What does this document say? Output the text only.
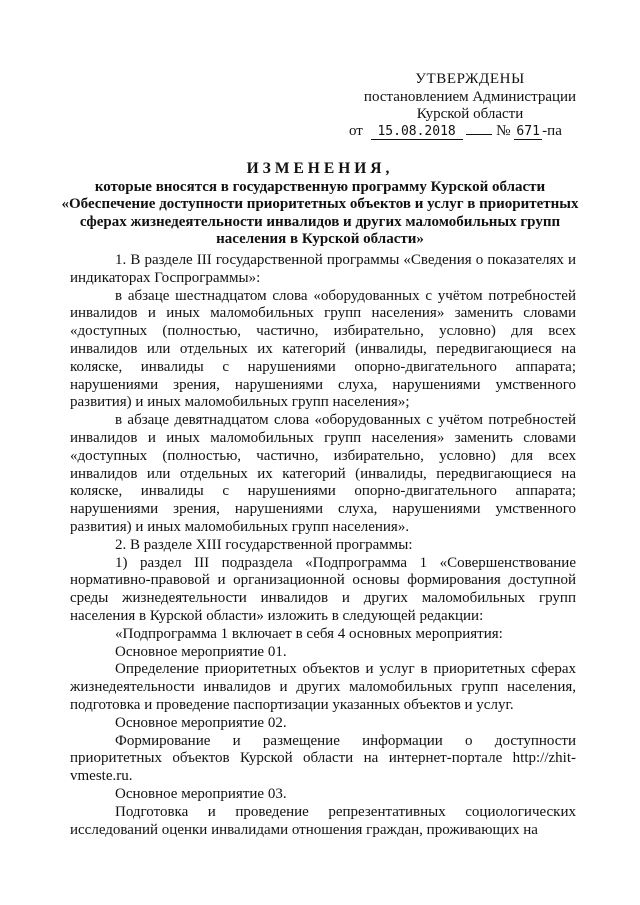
УТВЕРЖДЕНЫ
постановлением Администрации
Курской области
от 15.08.2018	№ 671 -па
ИЗМЕНЕНИЯ,
которые вносятся в государственную программу Курской области «Обеспечение доступности приоритетных объектов и услуг в приоритетных сферах жизнедеятельности инвалидов и других маломобильных групп населения в Курской области»

1. В разделе III государственной программы «Сведения о показателях и индикаторах Госпрограммы»:

в абзаце шестнадцатом слова «оборудованных с учётом потребностей инвалидов и иных маломобильных групп населения» заменить словами «доступных (полностью, частично, избирательно, условно) для всех инвалидов или отдельных их категорий (инвалиды, передвигающиеся на коляске, инвалиды с нарушениями опорно-двигательного аппарата; нарушениями зрения, нарушениями слуха, нарушениями умственного развития) и иных маломобильных групп населения»;

в абзаце девятнадцатом слова «оборудованных с учётом потребностей инвалидов и иных маломобильных групп населения» заменить словами «доступных (полностью, частично, избирательно, условно) для всех инвалидов или отдельных их категорий (инвалиды, передвигающиеся на коляске, инвалиды с нарушениями опорно-двигательного аппарата; нарушениями зрения, нарушениями слуха, нарушениями умственного развития) и иных маломобильных групп населения».

2. В разделе XIII государственной программы:

1) раздел III подраздела «Подпрограмма 1 «Совершенствование нормативно-правовой и организационной основы формирования доступной среды жизнедеятельности инвалидов и других маломобильных групп населения в Курской области» изложить в следующей редакции:

«Подпрограмма 1 включает в себя 4 основных мероприятия:

Основное мероприятие 01.

Определение приоритетных объектов и услуг в приоритетных сферах жизнедеятельности инвалидов и других маломобильных групп населения, подготовка и проведение паспортизации указанных объектов и услуг.

Основное мероприятие 02.

Формирование и размещение информации о доступности приоритетных объектов Курской области на интернет-портале http://zhit-vmeste.ru.

Основное мероприятие 03.

Подготовка и проведение репрезентативных социологических исследований оценки инвалидами отношения граждан, проживающих на
